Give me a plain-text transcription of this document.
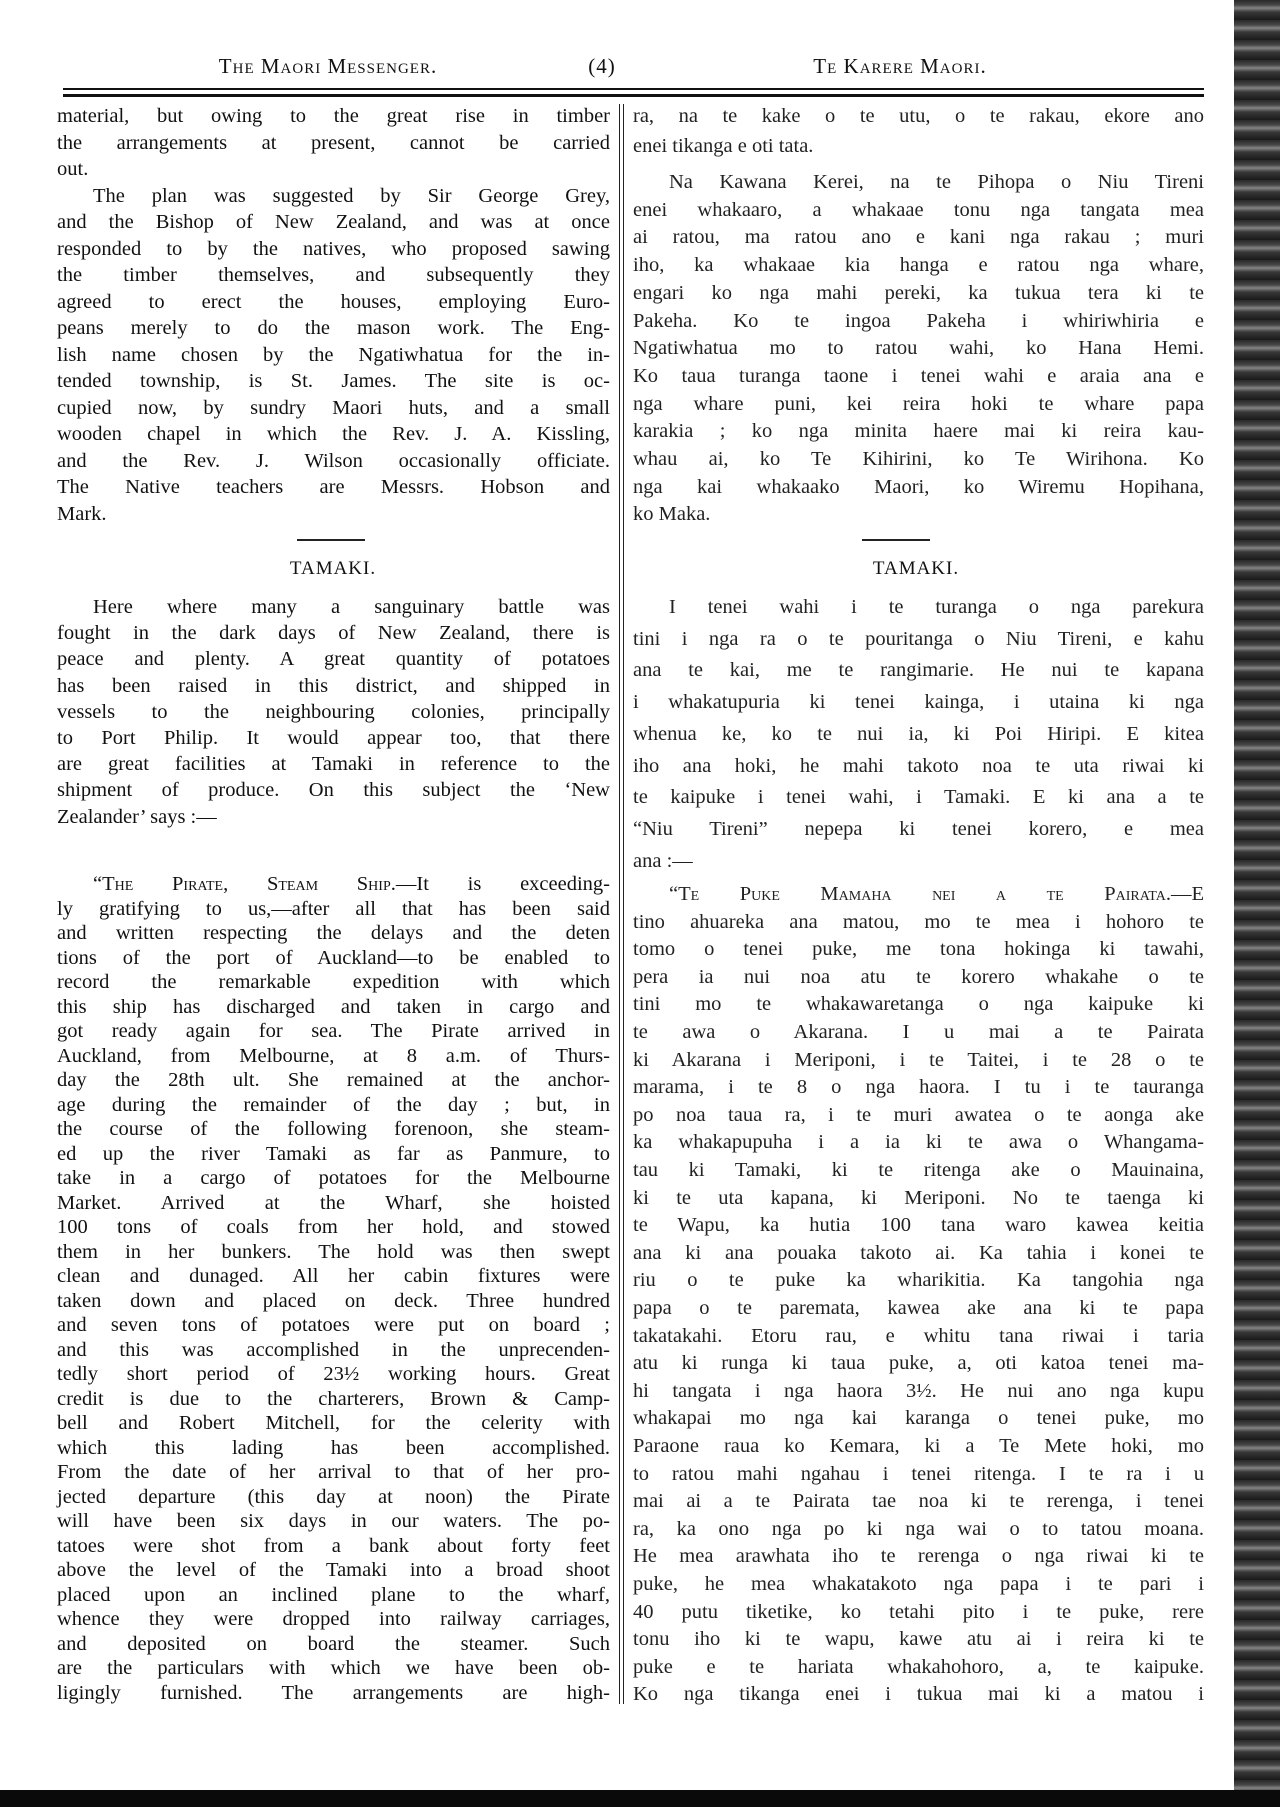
The Maori Messenger.	(4)	Te Karere Maori.
TAMAKI.	TAMAKI.
material, but owing to the great rise in timber
the arrangements at present, cannot be carried
out.
The plan was suggested by Sir George Grey,
and the Bishop of New Zealand, and was at once
responded to by the natives, who proposed sawing
the timber themselves, and subsequently they
agreed to erect the houses, employing Euro-
peans merely to do the mason work. The Eng-
lish name chosen by the Ngatiwhatua for the in-
tended township, is St. James. The site is oc-
cupied now, by sundry Maori huts, and a small
wooden chapel in which the Rev. J. A. Kissling,
and the Rev. J. Wilson occasionally officiate.
The Native teachers are Messrs. Hobson and
Mark.
Here where many a sanguinary battle was
fought in the dark days of New Zealand, there is
peace and plenty. A great quantity of potatoes
has been raised in this district, and shipped in
vessels to the neighbouring colonies, principally
to Port Philip. It would appear too, that there
are great facilities at Tamaki in reference to the
shipment of produce. On this subject the ‘New
Zealander’ says :—
“The Pirate, Steam Ship.—It is exceeding-
ly gratifying to us,—after all that has been said
and written respecting the delays and the deten
tions of the port of Auckland—to be enabled to
record the remarkable expedition with which
this ship has discharged and taken in cargo and
got ready again for sea. The Pirate arrived in
Auckland, from Melbourne, at 8 a.m. of Thurs-
day the 28th ult. She remained at the anchor-
age during the remainder of the day ; but, in
the course of the following forenoon, she steam-
ed up the river Tamaki as far as Panmure, to
take in a cargo of potatoes for the Melbourne
Market. Arrived at the Wharf, she hoisted
100 tons of coals from her hold, and stowed
them in her bunkers. The hold was then swept
clean and dunaged. All her cabin fixtures were
taken down and placed on deck. Three hundred
and seven tons of potatoes were put on board ;
and this was accomplished in the unprecenden-
tedly short period of 23½ working hours. Great
credit is due to the charterers, Brown & Camp-
bell and Robert Mitchell, for the celerity with
which this lading has been accomplished.
From the date of her arrival to that of her pro-
jected departure (this day at noon) the Pirate
will have been six days in our waters. The po-
tatoes were shot from a bank about forty feet
above the level of the Tamaki into a broad shoot
placed upon an inclined plane to the wharf,
whence they were dropped into railway carriages,
and deposited on board the steamer. Such
are the particulars with which we have been ob-
ligingly furnished. The arrangements are high-
ra, na te kake o te utu, o te rakau, ekore ano
enei tikanga e oti tata.
Na Kawana Kerei, na te Pihopa o Niu Tireni
enei whakaaro, a whakaae tonu nga tangata mea
ai ratou, ma ratou ano e kani nga rakau ; muri
iho, ka whakaae kia hanga e ratou nga whare,
engari ko nga mahi pereki, ka tukua tera ki te
Pakeha. Ko te ingoa Pakeha i whiriwhiria e
Ngatiwhatua mo to ratou wahi, ko Hana Hemi.
Ko taua turanga taone i tenei wahi e araia ana e
nga whare puni, kei reira hoki te whare papa
karakia ; ko nga minita haere mai ki reira kau-
whau ai, ko Te Kihirini, ko Te Wirihona. Ko
nga kai whakaako Maori, ko Wiremu Hopihana,
ko Maka.
I tenei wahi i te turanga o nga parekura
tini i nga ra o te pouritanga o Niu Tireni, e kahu
ana te kai, me te rangimarie. He nui te kapana
i whakatupuria ki tenei kainga, i utaina ki nga
whenua ke, ko te nui ia, ki Poi Hiripi. E kitea
iho ana hoki, he mahi takoto noa te uta riwai ki
te kaipuke i tenei wahi, i Tamaki. E ki ana a te
“Niu Tireni” nepepa ki tenei korero, e mea
ana :—
“Te Puke Mamaha nei a te Pairata.—E
tino ahuareka ana matou, mo te mea i hohoro te
tomo o tenei puke, me tona hokinga ki tawahi,
pera ia nui noa atu te korero whakahe o te
tini mo te whakawaretanga o nga kaipuke ki
te awa o Akarana. I u mai a te Pairata
ki Akarana i Meriponi, i te Taitei, i te 28 o te
marama, i te 8 o nga haora. I tu i te tauranga
po noa taua ra, i te muri awatea o te aonga ake
ka whakapupuha i a ia ki te awa o Whangama-
tau ki Tamaki, ki te ritenga ake o Mauinaina,
ki te uta kapana, ki Meriponi. No te taenga ki
te Wapu, ka hutia 100 tana waro kawea keitia
ana ki ana pouaka takoto ai. Ka tahia i konei te
riu o te puke ka wharikitia. Ka tangohia nga
papa o te paremata, kawea ake ana ki te papa
takatakahi. Etoru rau, e whitu tana riwai i taria
atu ki runga ki taua puke, a, oti katoa tenei ma-
hi tangata i nga haora 3½. He nui ano nga kupu
whakapai mo nga kai karanga o tenei puke, mo
Paraone raua ko Kemara, ki a Te Mete hoki, mo
to ratou mahi ngahau i tenei ritenga. I te ra i u
mai ai a te Pairata tae noa ki te rerenga, i tenei
ra, ka ono nga po ki nga wai o to tatou moana.
He mea arawhata iho te rerenga o nga riwai ki te
puke, he mea whakatakoto nga papa i te pari i
40 putu tiketike, ko tetahi pito i te puke, rere
tonu iho ki te wapu, kawe atu ai i reira ki te
puke e te hariata whakahohoro, a, te kaipuke.
Ko nga tikanga enei i tukua mai ki a matou i
